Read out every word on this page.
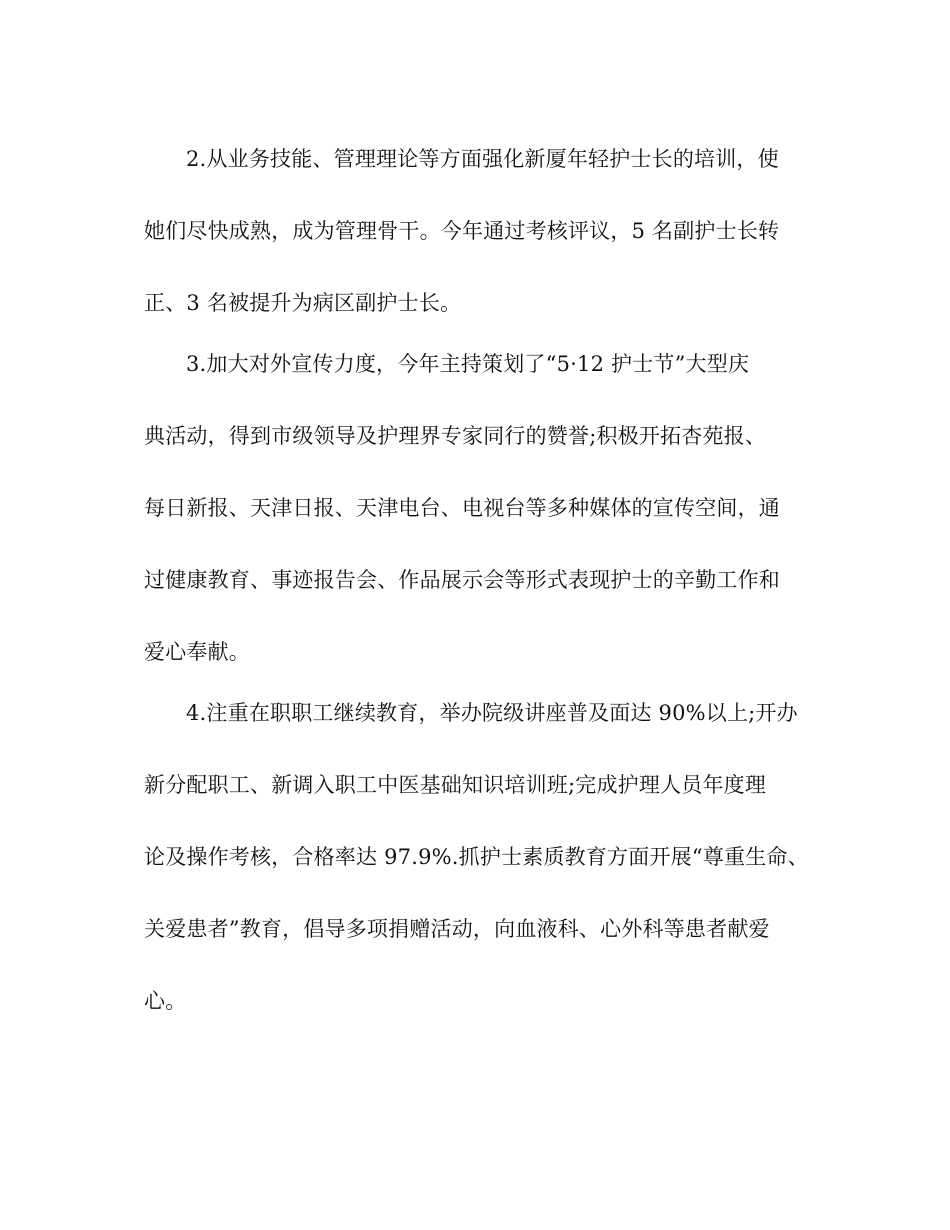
2.从业务技能、管理理论等方面强化新厦年轻护士长的培训，使
她们尽快成熟，成为管理骨干。今年通过考核评议，5 名副护士长转
正、3 名被提升为病区副护士长。
3.加大对外宣传力度，今年主持策划了“5·12 护士节”大型庆
典活动，得到市级领导及护理界专家同行的赞誉;积极开拓杏苑报、
每日新报、天津日报、天津电台、电视台等多种媒体的宣传空间，通
过健康教育、事迹报告会、作品展示会等形式表现护士的辛勤工作和
爱心奉献。
4.注重在职职工继续教育，举办院级讲座普及面达 90%以上;开办
新分配职工、新调入职工中医基础知识培训班;完成护理人员年度理
论及操作考核，合格率达 97.9%.抓护士素质教育方面开展“尊重生命、
关爱患者”教育，倡导多项捐赠活动，向血液科、心外科等患者献爱
心。
